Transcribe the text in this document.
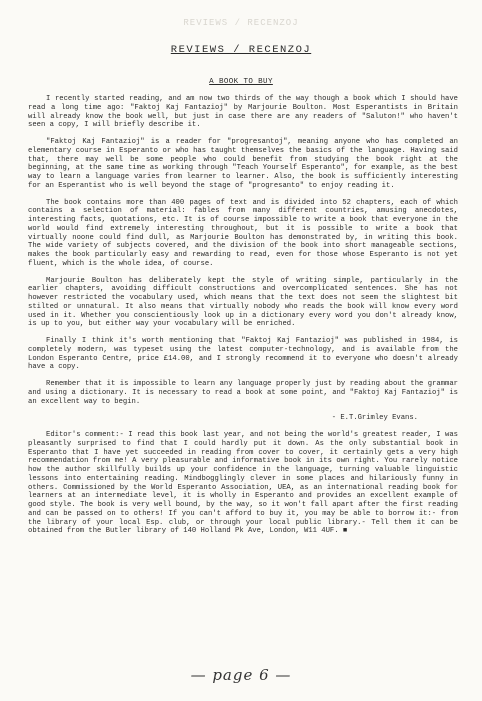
REVIEWS / RECENZOJ
REVIEWS / RECENZOJ
A BOOK TO BUY

I recently started reading, and am now two thirds of the way though a book which I should have read a long time ago: "Faktoj Kaj Fantazioj" by Marjourie Boulton. Most Esperantists in Britain will already know the book well, but just in case there are any readers of "Saluton!" who haven't seen a copy, I will briefly describe it.

"Faktoj Kaj Fantazioj" is a reader for "progresantoj", meaning anyone who has completed an elementary course in Esperanto or who has taught themselves the basics of the language. Having said that, there may well be some people who could benefit from studying the book right at the beginning, at the same time as working through "Teach Yourself Esperanto", for example, as the best way to learn a language varies from learner to learner. Also, the book is sufficiently interesting for an Esperantist who is well beyond the stage of "progresanto" to enjoy reading it.

The book contains more than 400 pages of text and is divided into 52 chapters, each of which contains a selection of material: fables from many different countries, amusing anecdotes, interesting facts, quotations, etc. It is of course impossible to write a book that everyone in the world would find extremely interesting throughout, but it is possible to write a book that virtually noone could find dull, as Marjourie Boulton has demonstrated by, in writing this book. The wide variety of subjects covered, and the division of the book into short manageable sections, makes the book particularly easy and rewarding to read, even for those whose Esperanto is not yet fluent, which is the whole idea, of course.

Marjourie Boulton has deliberately kept the style of writing simple, particularly in the earlier chapters, avoiding difficult constructions and overcomplicated sentences. She has not however restricted the vocabulary used, which means that the text does not seem the slightest bit stilted or unnatural. It also means that virtually nobody who reads the book will know every word used in it. Whether you conscientiously look up in a dictionary every word you don't already know, is up to you, but either way your vocabulary will be enriched.

Finally I think it's worth mentioning that "Faktoj Kaj Fantazioj" was published in 1984, is completely modern, was typeset using the latest computer-technology, and is available from the London Esperanto Centre, price £14.00, and I strongly recommend it to everyone who doesn't already have a copy.

Remember that it is impossible to learn any language properly just by reading about the grammar and using a dictionary. It is necessary to read a book at some point, and "Faktoj Kaj Fantazioj" is an excellent way to begin.

- E.T.Grimley Evans.

Editor's comment:- I read this book last year, and not being the world's greatest reader, I was pleasantly surprised to find that I could hardly put it down. As the only substantial book in Esperanto that I have yet succeeded in reading from cover to cover, it certainly gets a very high recommendation from me! A very pleasurable and informative book in its own right. You rarely notice how the author skillfully builds up your confidence in the language, turning valuable linguistic lessons into entertaining reading. Mindbogglingly clever in some places and hilariously funny in others. Commissioned by the World Esperanto Association, UEA, as an international reading book for learners at an intermediate level, it is wholly in Esperanto and provides an excellent example of good style. The book is very well bound, by the way, so it won't fall apart after the first reading and can be passed on to others! If you can't afford to buy it, you may be able to borrow it:- from the library of your local Esp. club, or through your local public library.- Tell them it can be obtained from the Butler library of 140 Holland Pk Ave, London, W11 4UF. ■

— page 6 —
